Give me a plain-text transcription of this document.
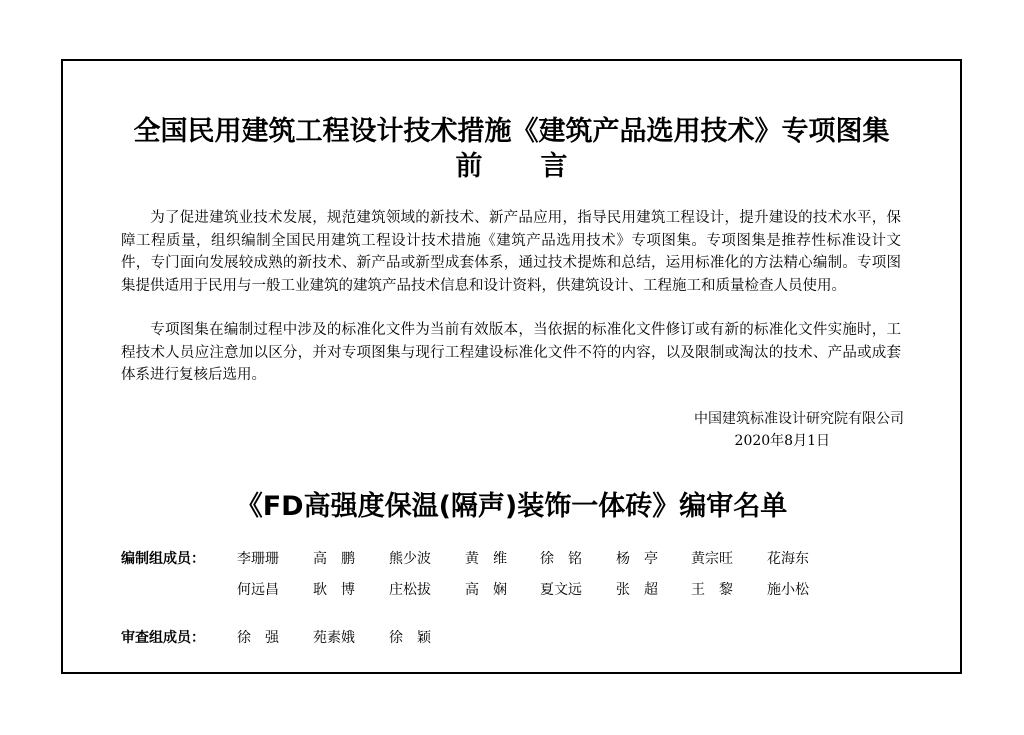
全国民用建筑工程设计技术措施《建筑产品选用技术》专项图集
前 言

为了促进建筑业技术发展，规范建筑领域的新技术、新产品应用，指导民用建筑工程设计，提升建设的技术水平，保障工程质量，组织编制全国民用建筑工程设计技术措施《建筑产品选用技术》专项图集。专项图集是推荐性标准设计文件，专门面向发展较成熟的新技术、新产品或新型成套体系，通过技术提炼和总结，运用标准化的方法精心编制。专项图集提供适用于民用与一般工业建筑的建筑产品技术信息和设计资料，供建筑设计、工程施工和质量检查人员使用。

专项图集在编制过程中涉及的标准化文件为当前有效版本，当依据的标准化文件修订或有新的标准化文件实施时，工程技术人员应注意加以区分，并对专项图集与现行工程建设标准化文件不符的内容，以及限制或淘汰的技术、产品或成套体系进行复核后选用。

中国建筑标准设计研究院有限公司
2020年8月1日
《FD高强度保温(隔声)装饰一体砖》编审名单
编制组成员： 李珊珊 高　鹏 熊少波 黄　维 徐　铭 杨　亭 黄宗旺 花海东
何远昌 耿　博 庄松拔 高　娴 夏文远 张　超 王　黎 施小松
审查组成员： 徐　强 苑素娥 徐　颖
